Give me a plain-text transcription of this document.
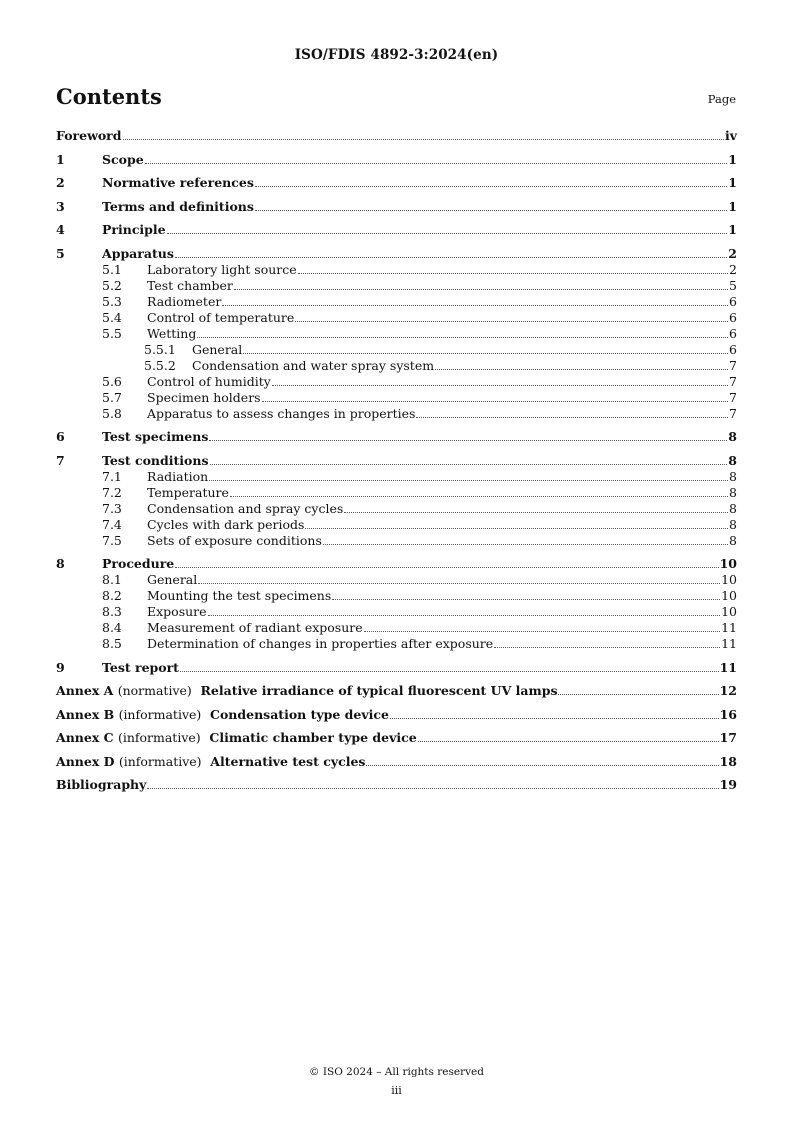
ISO/FDIS 4892-3:2024(en)
Contents	Page
Foreword	iv
1	Scope	1
2	Normative references	1
3	Terms and definitions	1
4	Principle	1
5	Apparatus	2
5.1	Laboratory light source	2
5.2	Test chamber	5
5.3	Radiometer	6
5.4	Control of temperature	6
5.5	Wetting	6
5.5.1	General	6
5.5.2	Condensation and water spray system	7
5.6	Control of humidity	7
5.7	Specimen holders	7
5.8	Apparatus to assess changes in properties	7
6	Test specimens	8
7	Test conditions	8
7.1	Radiation	8
7.2	Temperature	8
7.3	Condensation and spray cycles	8
7.4	Cycles with dark periods	8
7.5	Sets of exposure conditions	8
8	Procedure	10
8.1	General	10
8.2	Mounting the test specimens	10
8.3	Exposure	10
8.4	Measurement of radiant exposure	11
8.5	Determination of changes in properties after exposure	11
9	Test report	11
Annex A (normative) Relative irradiance of typical fluorescent UV lamps	12
Annex B (informative) Condensation type device	16
Annex C (informative) Climatic chamber type device	17
Annex D (informative) Alternative test cycles	18
Bibliography	19
© ISO 2024 – All rights reserved
iii
